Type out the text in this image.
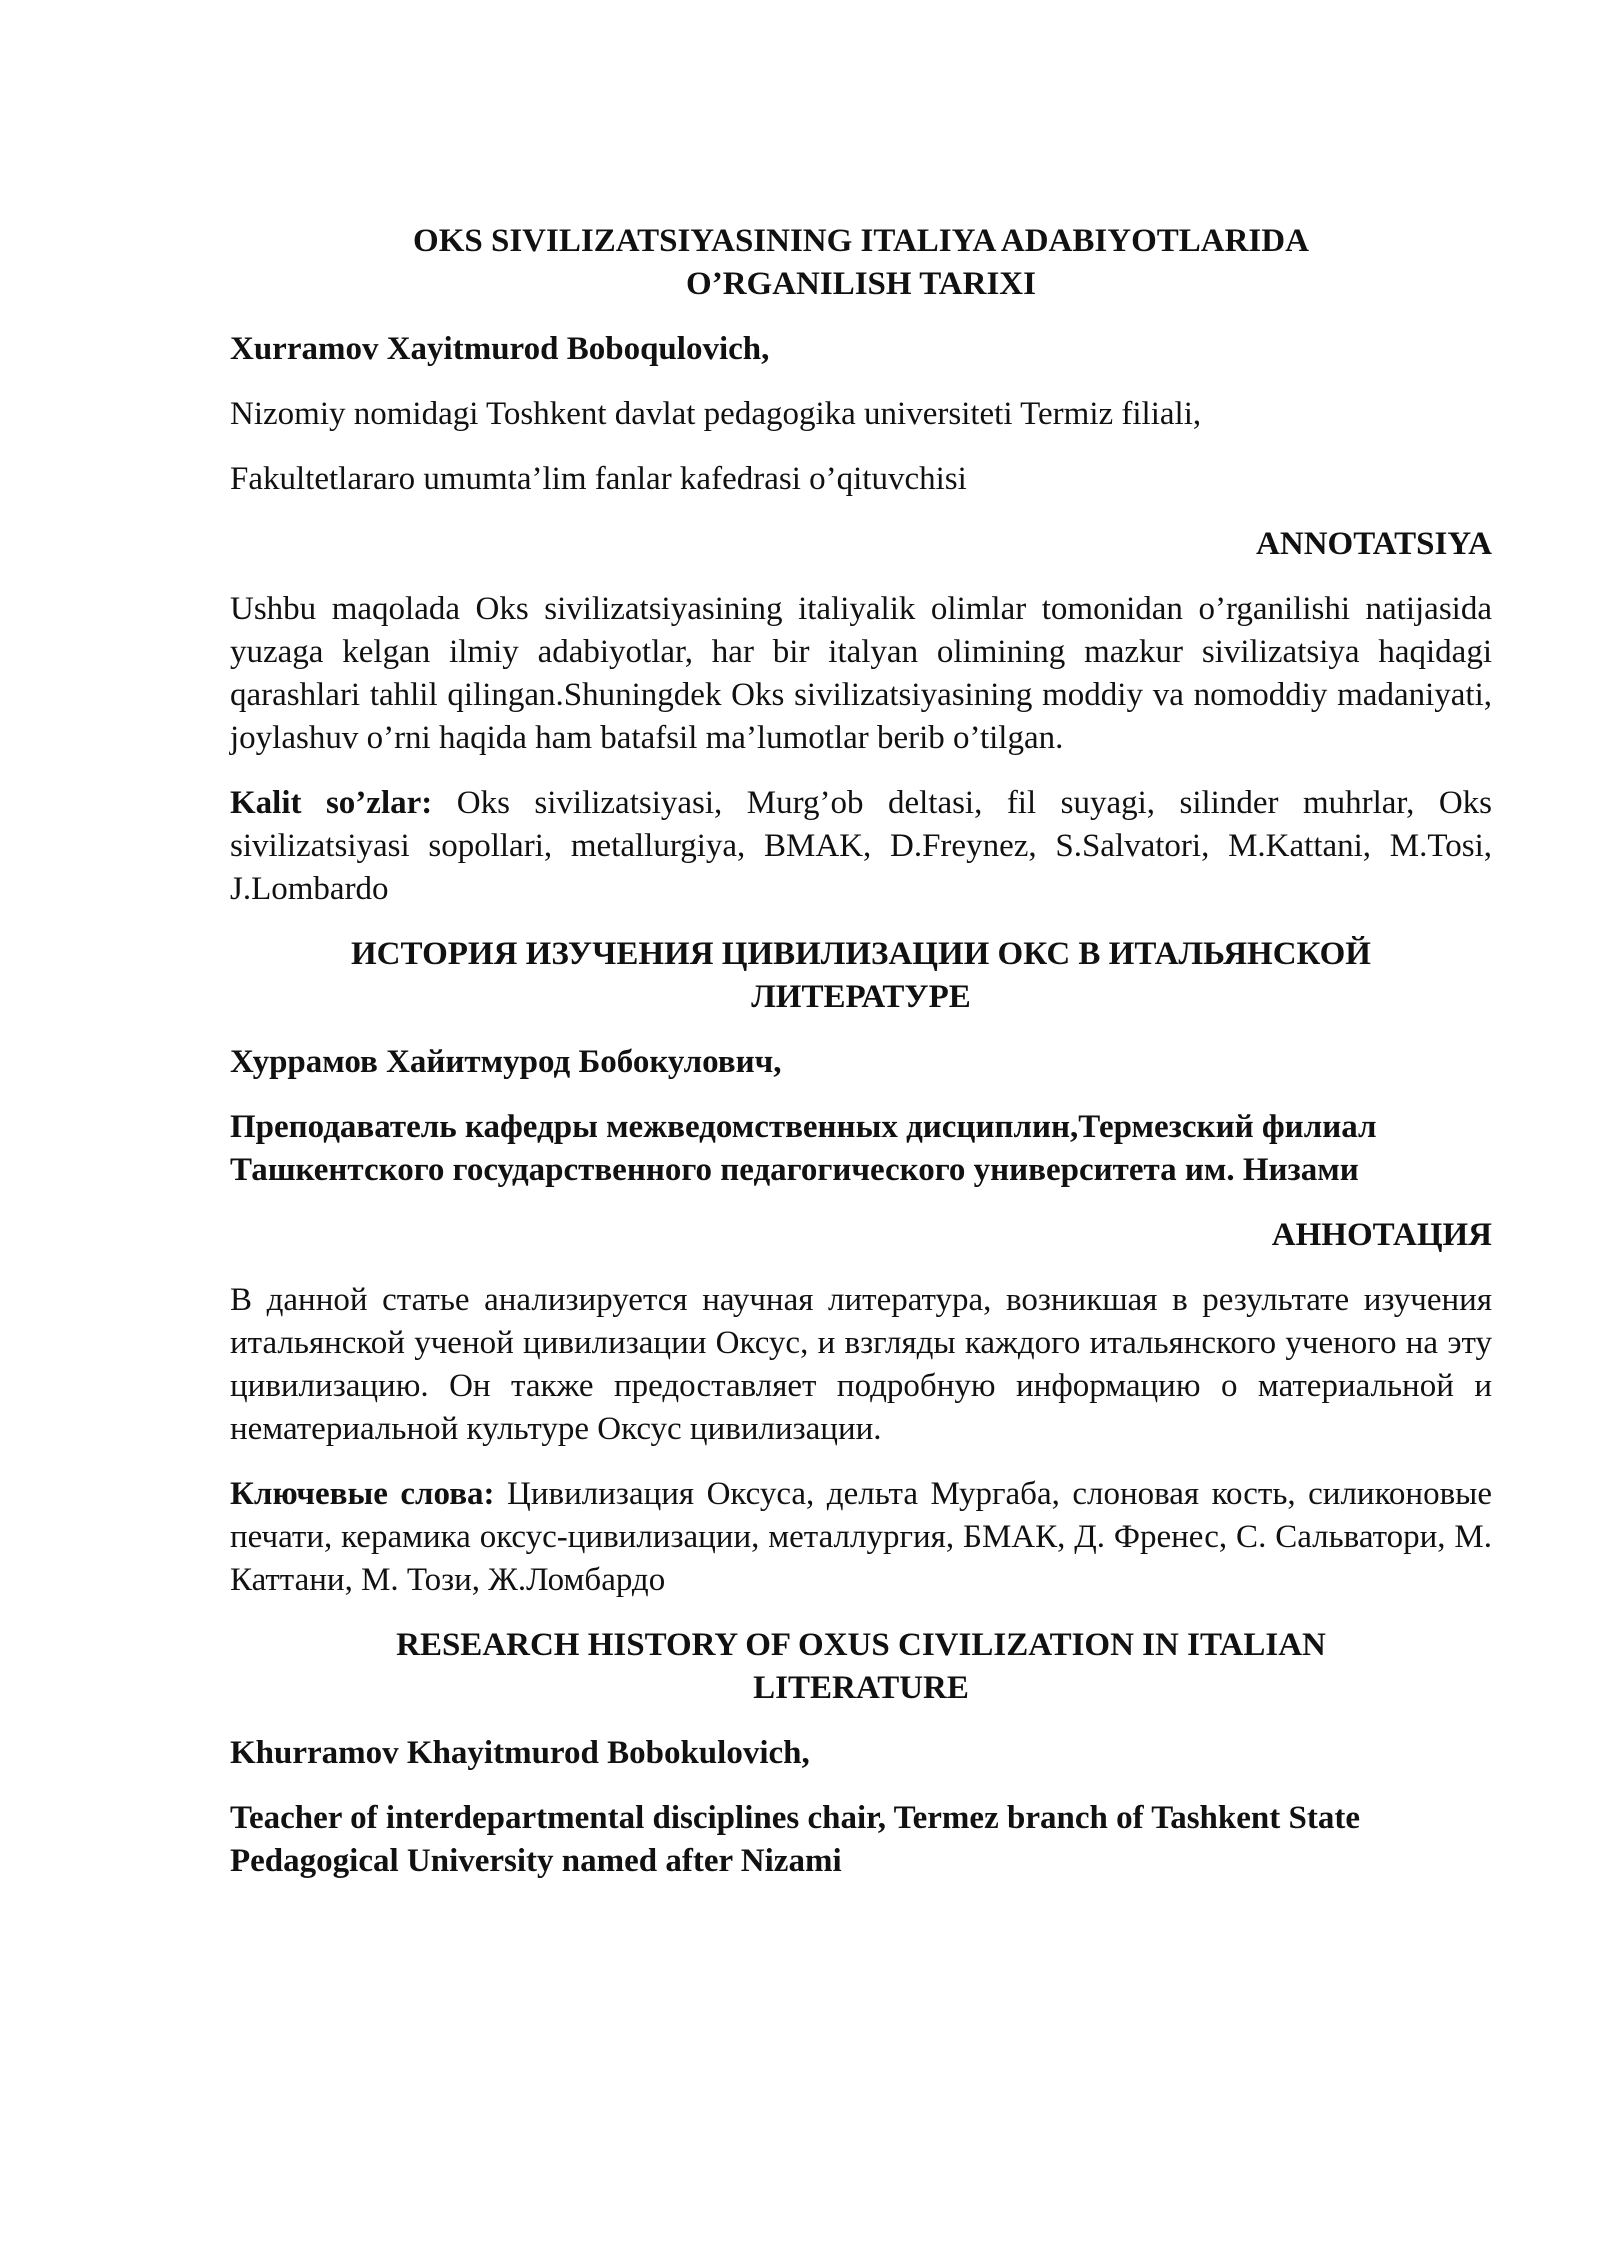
OKS SIVILIZATSIYASINING ITALIYA ADABIYOTLARIDA
O’RGANILISH TARIXI

Xurramov Xayitmurod Boboqulovich,

Nizomiy nomidagi Toshkent davlat pedagogika universiteti Termiz filiali,

Fakultetlararo umumta’lim fanlar kafedrasi o’qituvchisi

ANNOTATSIYA

Ushbu maqolada Oks sivilizatsiyasining italiyalik olimlar tomonidan o’rganilishi natijasida yuzaga kelgan ilmiy adabiyotlar, har bir italyan olimining mazkur sivilizatsiya haqidagi qarashlari tahlil qilingan.Shuningdek Oks sivilizatsiyasining moddiy va nomoddiy madaniyati, joylashuv o’rni haqida ham batafsil ma’lumotlar berib o’tilgan.

Kalit so’zlar: Oks sivilizatsiyasi, Murg’ob deltasi, fil suyagi, silinder muhrlar, Oks sivilizatsiyasi sopollari, metallurgiya, BMAK, D.Freynez, S.Salvatori, M.Kattani, M.Tosi, J.Lombardo

ИСТОРИЯ ИЗУЧЕНИЯ ЦИВИЛИЗАЦИИ ОКС В ИТАЛЬЯНСКОЙ
ЛИТЕРАТУРЕ

Хуррамов Хайитмурод Бобокулович,

Преподаватель кафедры межведомственных дисциплин,Термезский филиал Ташкентского государственного педагогического университета им. Низами

АННОТАЦИЯ

В данной статье анализируется научная литература, возникшая в результате изучения итальянской ученой цивилизации Оксус, и взгляды каждого итальянского ученого на эту цивилизацию. Он также предоставляет подробную информацию о материальной и нематериальной культуре Оксус цивилизации.

Ключевые слова: Цивилизация Оксуса, дельта Мургаба, слоновая кость, силиконовые печати, керамика оксус-цивилизации, металлургия, БМАК, Д. Френес, С. Сальватори, М. Каттани, М. Този, Ж.Ломбардо

RESEARCH HISTORY OF OXUS CIVILIZATION IN ITALIAN
LITERATURE

Khurramov Khayitmurod Bobokulovich,

Teacher of interdepartmental disciplines chair, Termez branch of Tashkent State Pedagogical University named after Nizami
